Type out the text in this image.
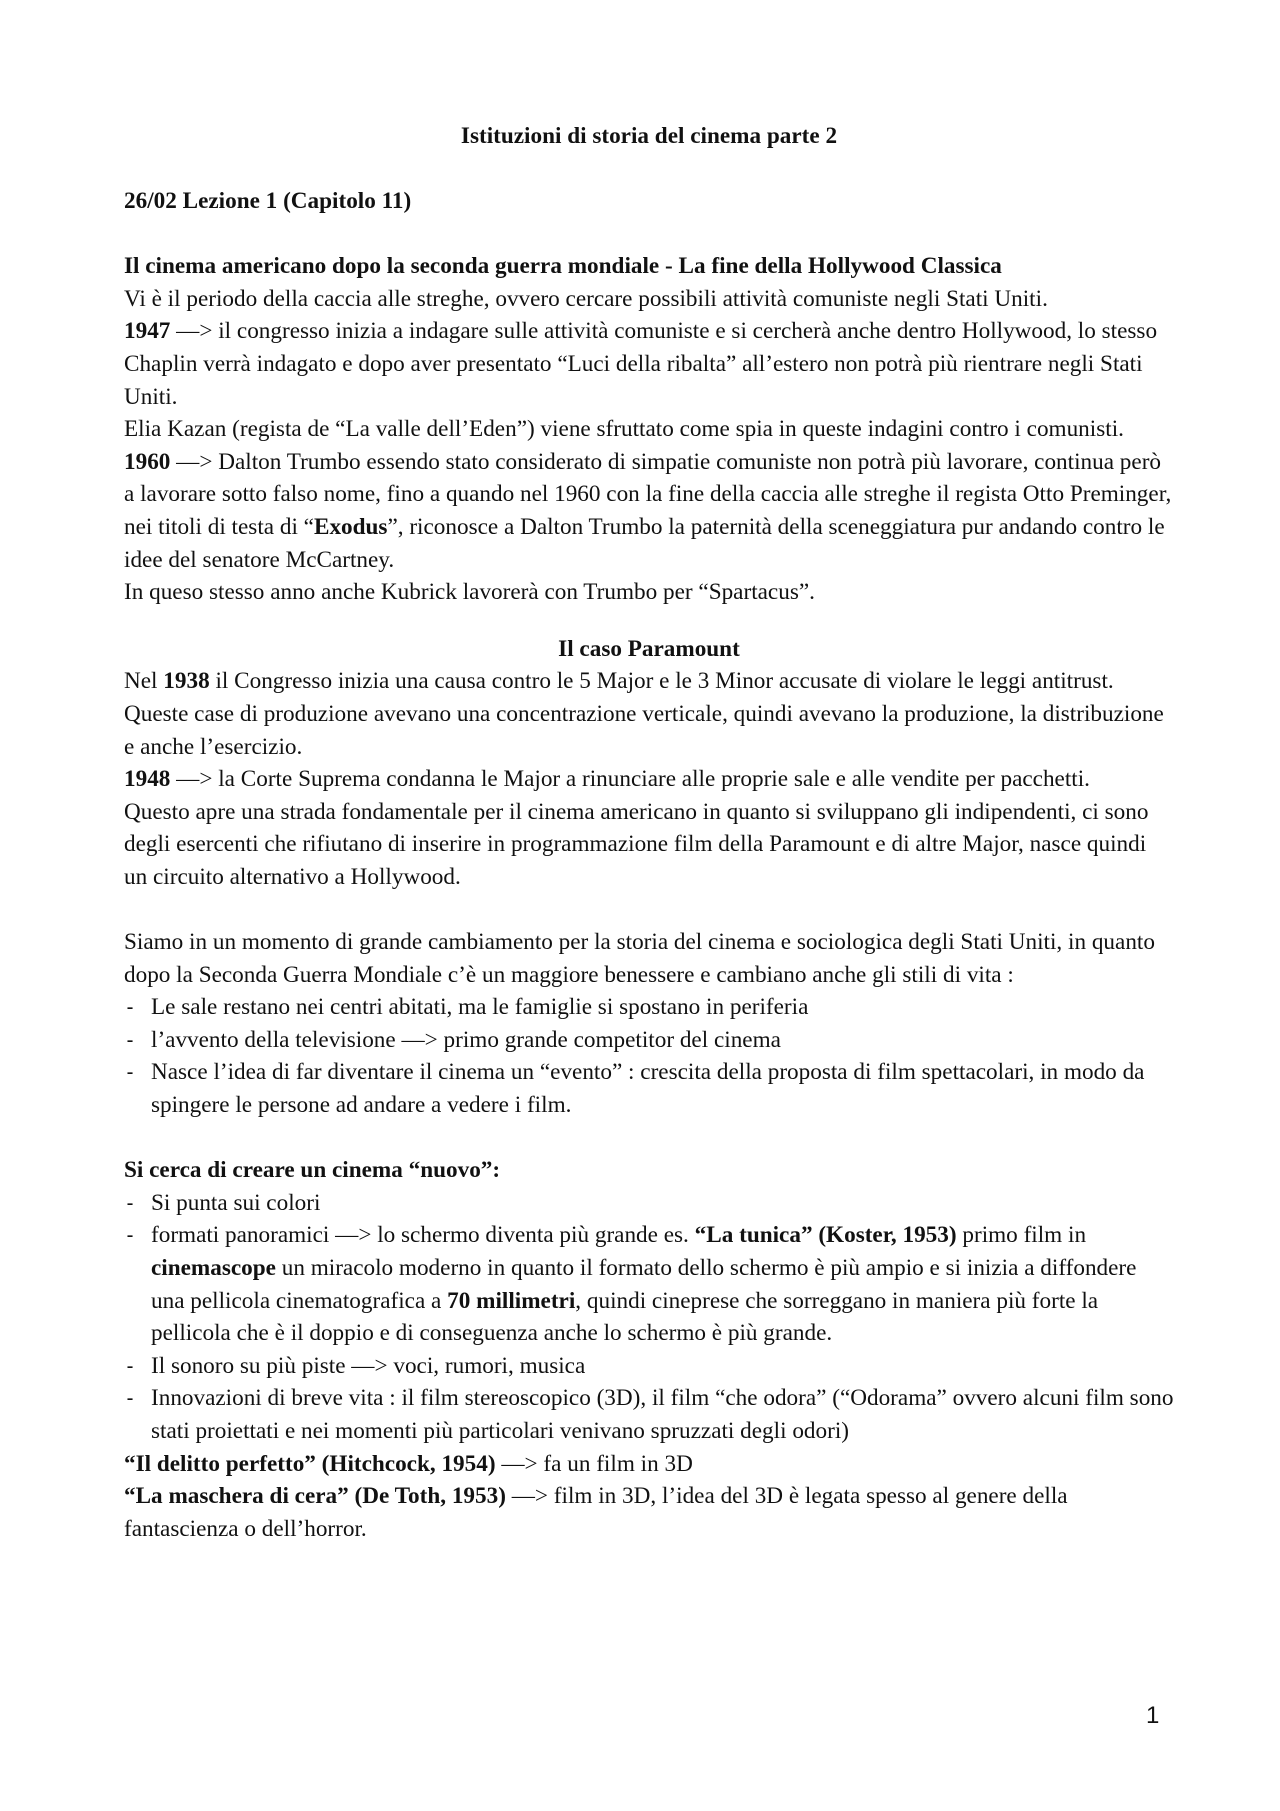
Istituzioni di storia del cinema parte 2

26/02 Lezione 1 (Capitolo 11)

Il cinema americano dopo la seconda guerra mondiale - La fine della Hollywood Classica

Vi è il periodo della caccia alle streghe, ovvero cercare possibili attività comuniste negli Stati Uniti.

1947 —> il congresso inizia a indagare sulle attività comuniste e si cercherà anche dentro Hollywood, lo stesso Chaplin verrà indagato e dopo aver presentato “Luci della ribalta” all’estero non potrà più rientrare negli Stati Uniti.

Elia Kazan (regista de “La valle dell’Eden”) viene sfruttato come spia in queste indagini contro i comunisti.

1960 —> Dalton Trumbo essendo stato considerato di simpatie comuniste non potrà più lavorare, continua però a lavorare sotto falso nome, fino a quando nel 1960 con la fine della caccia alle streghe il regista Otto Preminger, nei titoli di testa di “Exodus”, riconosce a Dalton Trumbo la paternità della sceneggiatura pur andando contro le idee del senatore McCartney.

In queso stesso anno anche Kubrick lavorerà con Trumbo per “Spartacus”.

Il caso Paramount

Nel 1938 il Congresso inizia una causa contro le 5 Major e le 3 Minor accusate di violare le leggi antitrust. Queste case di produzione avevano una concentrazione verticale, quindi avevano la produzione, la distribuzione e anche l’esercizio.

1948 —> la Corte Suprema condanna le Major a rinunciare alle proprie sale e alle vendite per pacchetti.

Questo apre una strada fondamentale per il cinema americano in quanto si sviluppano gli indipendenti, ci sono degli esercenti che rifiutano di inserire in programmazione film della Paramount e di altre Major, nasce quindi un circuito alternativo a Hollywood.

Siamo in un momento di grande cambiamento per la storia del cinema e sociologica degli Stati Uniti, in quanto dopo la Seconda Guerra Mondiale c’è un maggiore benessere e cambiano anche gli stili di vita :

- Le sale restano nei centri abitati, ma le famiglie si spostano in periferia
- l’avvento della televisione —> primo grande competitor del cinema
- Nasce l’idea di far diventare il cinema un “evento” : crescita della proposta di film spettacolari, in modo da spingere le persone ad andare a vedere i film.

Si cerca di creare un cinema “nuovo”:

- Si punta sui colori
- formati panoramici —> lo schermo diventa più grande es. “La tunica” (Koster, 1953) primo film in cinemascope un miracolo moderno in quanto il formato dello schermo è più ampio e si inizia a diffondere una pellicola cinematografica a 70 millimetri, quindi cineprese che sorreggano in maniera più forte la pellicola che è il doppio e di conseguenza anche lo schermo è più grande.
- Il sonoro su più piste —> voci, rumori, musica
- Innovazioni di breve vita : il film stereoscopico (3D), il film “che odora” (“Odorama” ovvero alcuni film sono stati proiettati e nei momenti più particolari venivano spruzzati degli odori)

“Il delitto perfetto” (Hitchcock, 1954) —> fa un film in 3D

“La maschera di cera” (De Toth, 1953) —> film in 3D, l’idea del 3D è legata spesso al genere della fantascienza o dell’horror.

1
